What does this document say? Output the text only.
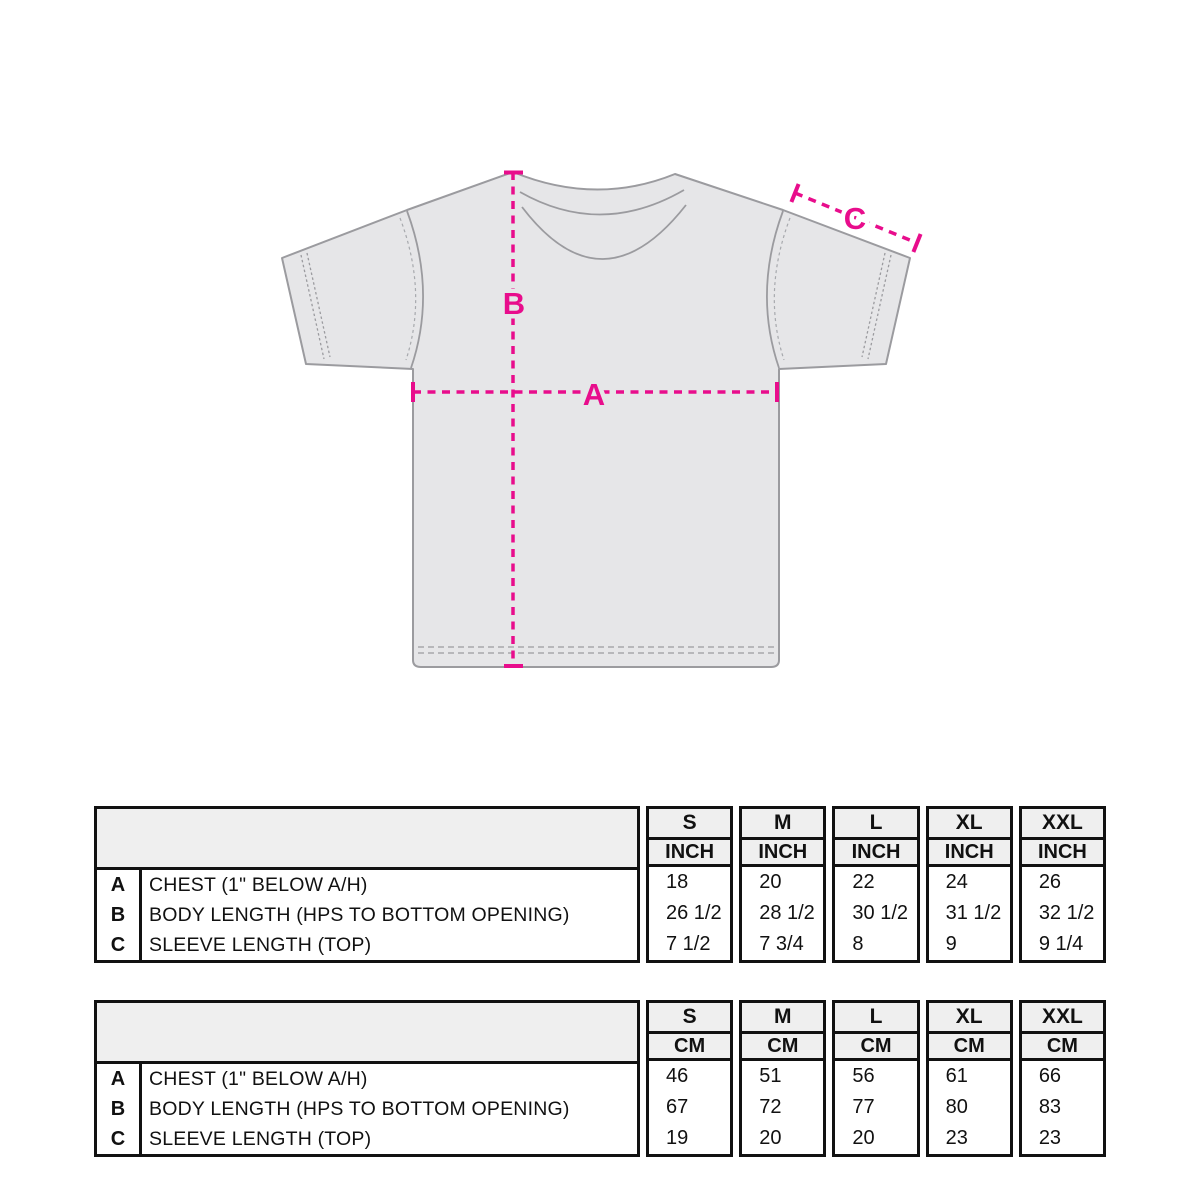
A
B
C
A
B
C
CHEST (1" BELOW A/H)
BODY LENGTH (HPS TO BOTTOM OPENING)
SLEEVE LENGTH (TOP)
S
INCH
18
26 1/2
7 1/2
M
INCH
20
28 1/2
7 3/4
L
INCH
22
30 1/2
8
XL
INCH
24
31 1/2
9
XXL
INCH
26
32 1/2
9 1/4
A
B
C
CHEST (1" BELOW A/H)
BODY LENGTH (HPS TO BOTTOM OPENING)
SLEEVE LENGTH (TOP)
S
CM
46
67
19
M
CM
51
72
20
L
CM
56
77
20
XL
CM
61
80
23
XXL
CM
66
83
23
